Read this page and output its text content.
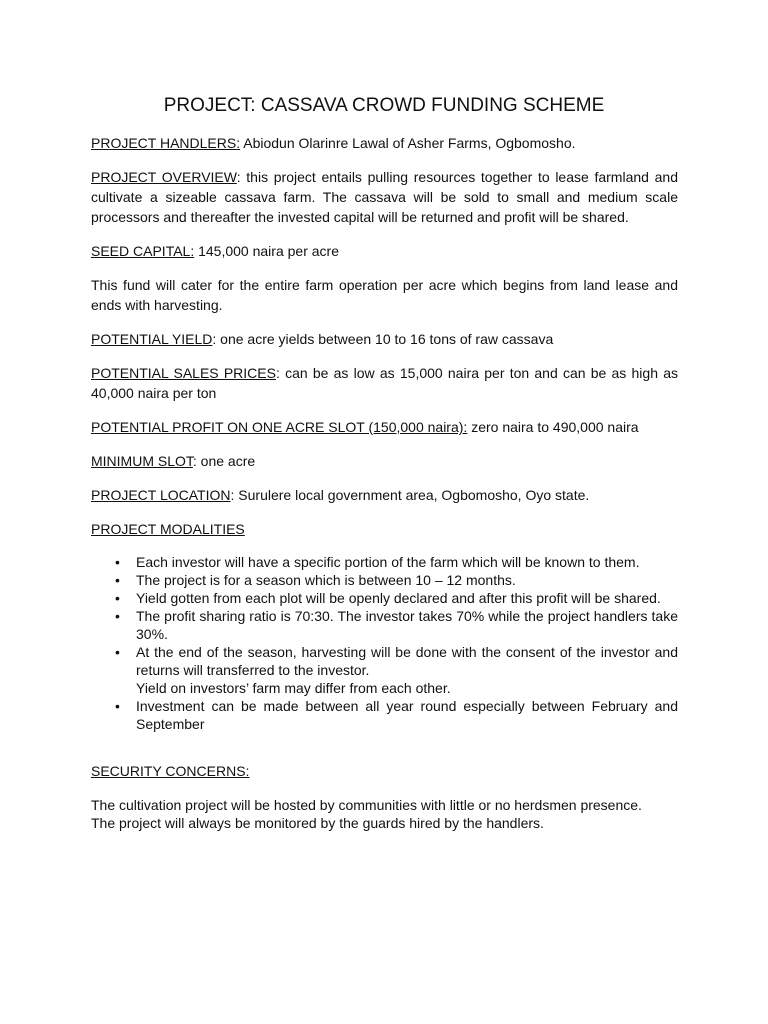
PROJECT: CASSAVA CROWD FUNDING SCHEME

PROJECT HANDLERS: Abiodun Olarinre Lawal of Asher Farms, Ogbomosho.

PROJECT OVERVIEW: this project entails pulling resources together to lease farmland and cultivate a sizeable cassava farm. The cassava will be sold to small and medium scale processors and thereafter the invested capital will be returned and profit will be shared.

SEED CAPITAL: 145,000 naira per acre

This fund will cater for the entire farm operation per acre which begins from land lease and ends with harvesting.

POTENTIAL YIELD: one acre yields between 10 to 16 tons of raw cassava

POTENTIAL SALES PRICES: can be as low as 15,000 naira per ton and can be as high as 40,000 naira per ton

POTENTIAL PROFIT ON ONE ACRE SLOT (150,000 naira): zero naira to 490,000 naira

MINIMUM SLOT: one acre

PROJECT LOCATION: Surulere local government area, Ogbomosho, Oyo state.

PROJECT MODALITIES

• Each investor will have a specific portion of the farm which will be known to them.
• The project is for a season which is between 10 – 12 months.
• Yield gotten from each plot will be openly declared and after this profit will be shared.
• The profit sharing ratio is 70:30. The investor takes 70% while the project handlers take 30%.
• At the end of the season, harvesting will be done with the consent of the investor and returns will transferred to the investor.
Yield on investors’ farm may differ from each other.
• Investment can be made between all year round especially between February and September

SECURITY CONCERNS:

The cultivation project will be hosted by communities with little or no herdsmen presence.
The project will always be monitored by the guards hired by the handlers.
